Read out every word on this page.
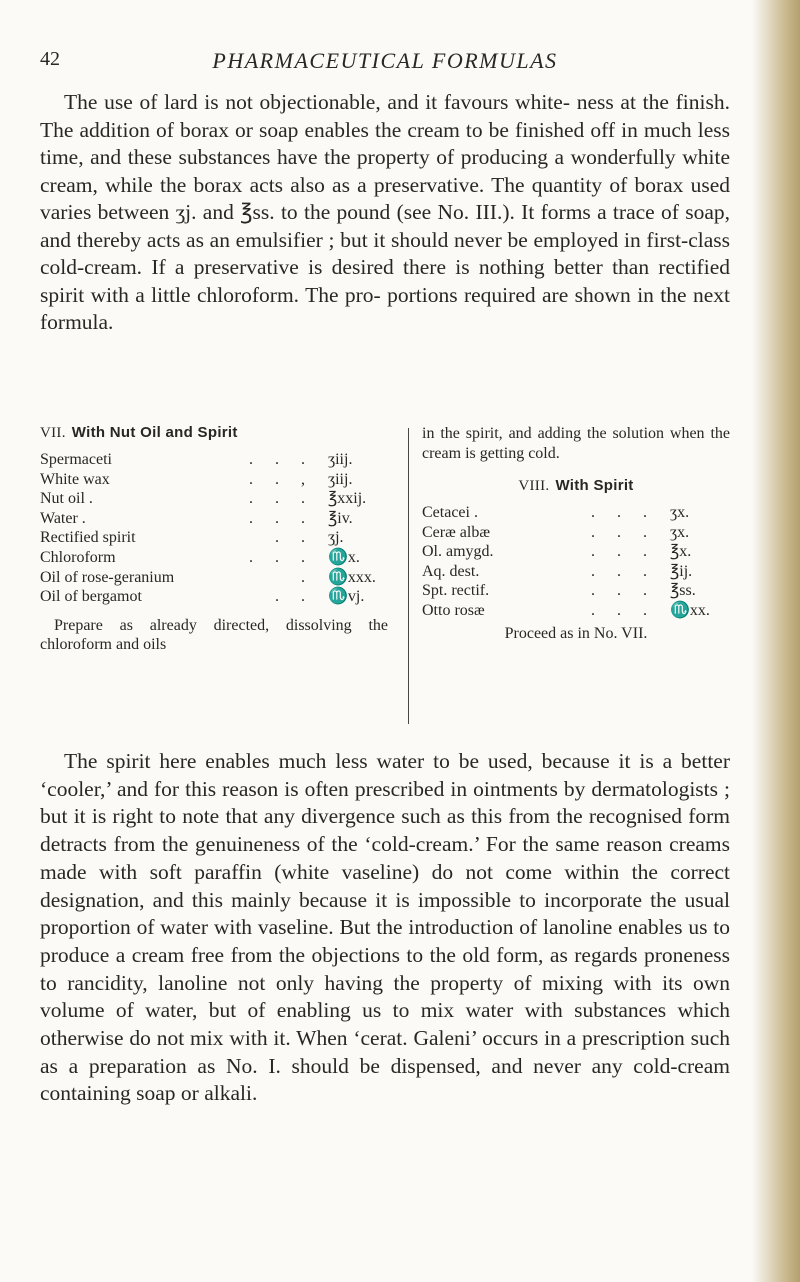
42	PHARMACEUTICAL FORMULAS

The use of lard is not objectionable, and it favours white- ness at the finish. The addition of borax or soap enables the cream to be finished off in much less time, and these substances have the property of producing a wonderfully white cream, while the borax acts also as a preservative. The quantity of borax used varies between ʒj. and ℥ss. to the pound (see No. III.). It forms a trace of soap, and thereby acts as an emulsifier ; but it should never be employed in first-class cold-cream. If a preservative is desired there is nothing better than rectified spirit with a little chloroform. The pro- portions required are shown in the next formula.

VII. With Nut Oil and Spirit
Spermaceti	. . . ʒiij.
White wax	. . , ʒiij.
Nut oil .	. . . ℥xxij.
Water .	. . . ℥iv.
Rectified spirit	. . ʒj.
Chloroform	. . . ♏x.
Oil of rose-geranium	. ♏xxx.
Oil of bergamot	. . ♏vj.

Prepare as already directed, dissolving the chloroform and oils

in the spirit, and adding the solution when the cream is getting cold.

VIII. With Spirit
Cetacei .	. . . ʒx.
Ceræ albæ	. . . ʒx.
Ol. amygd.	. . . ℥x.
Aq. dest.	. . . ℥ij.
Spt. rectif.	. . . ℥ss.
Otto rosæ	. . . ♏xx.
Proceed as in No. VII.

The spirit here enables much less water to be used, because it is a better ‘cooler,’ and for this reason is often prescribed in ointments by dermatologists ; but it is right to note that any divergence such as this from the recognised form detracts from the genuineness of the ‘cold-cream.’ For the same reason creams made with soft paraffin (white vaseline) do not come within the correct designation, and this mainly because it is impossible to incorporate the usual proportion of water with vaseline. But the introduction of lanoline enables us to produce a cream free from the objections to the old form, as regards proneness to rancidity, lanoline not only having the property of mixing with its own volume of water, but of enabling us to mix water with substances which otherwise do not mix with it. When ‘cerat. Galeni’ occurs in a prescription such as a preparation as No. I. should be dispensed, and never any cold-cream containing soap or alkali.
